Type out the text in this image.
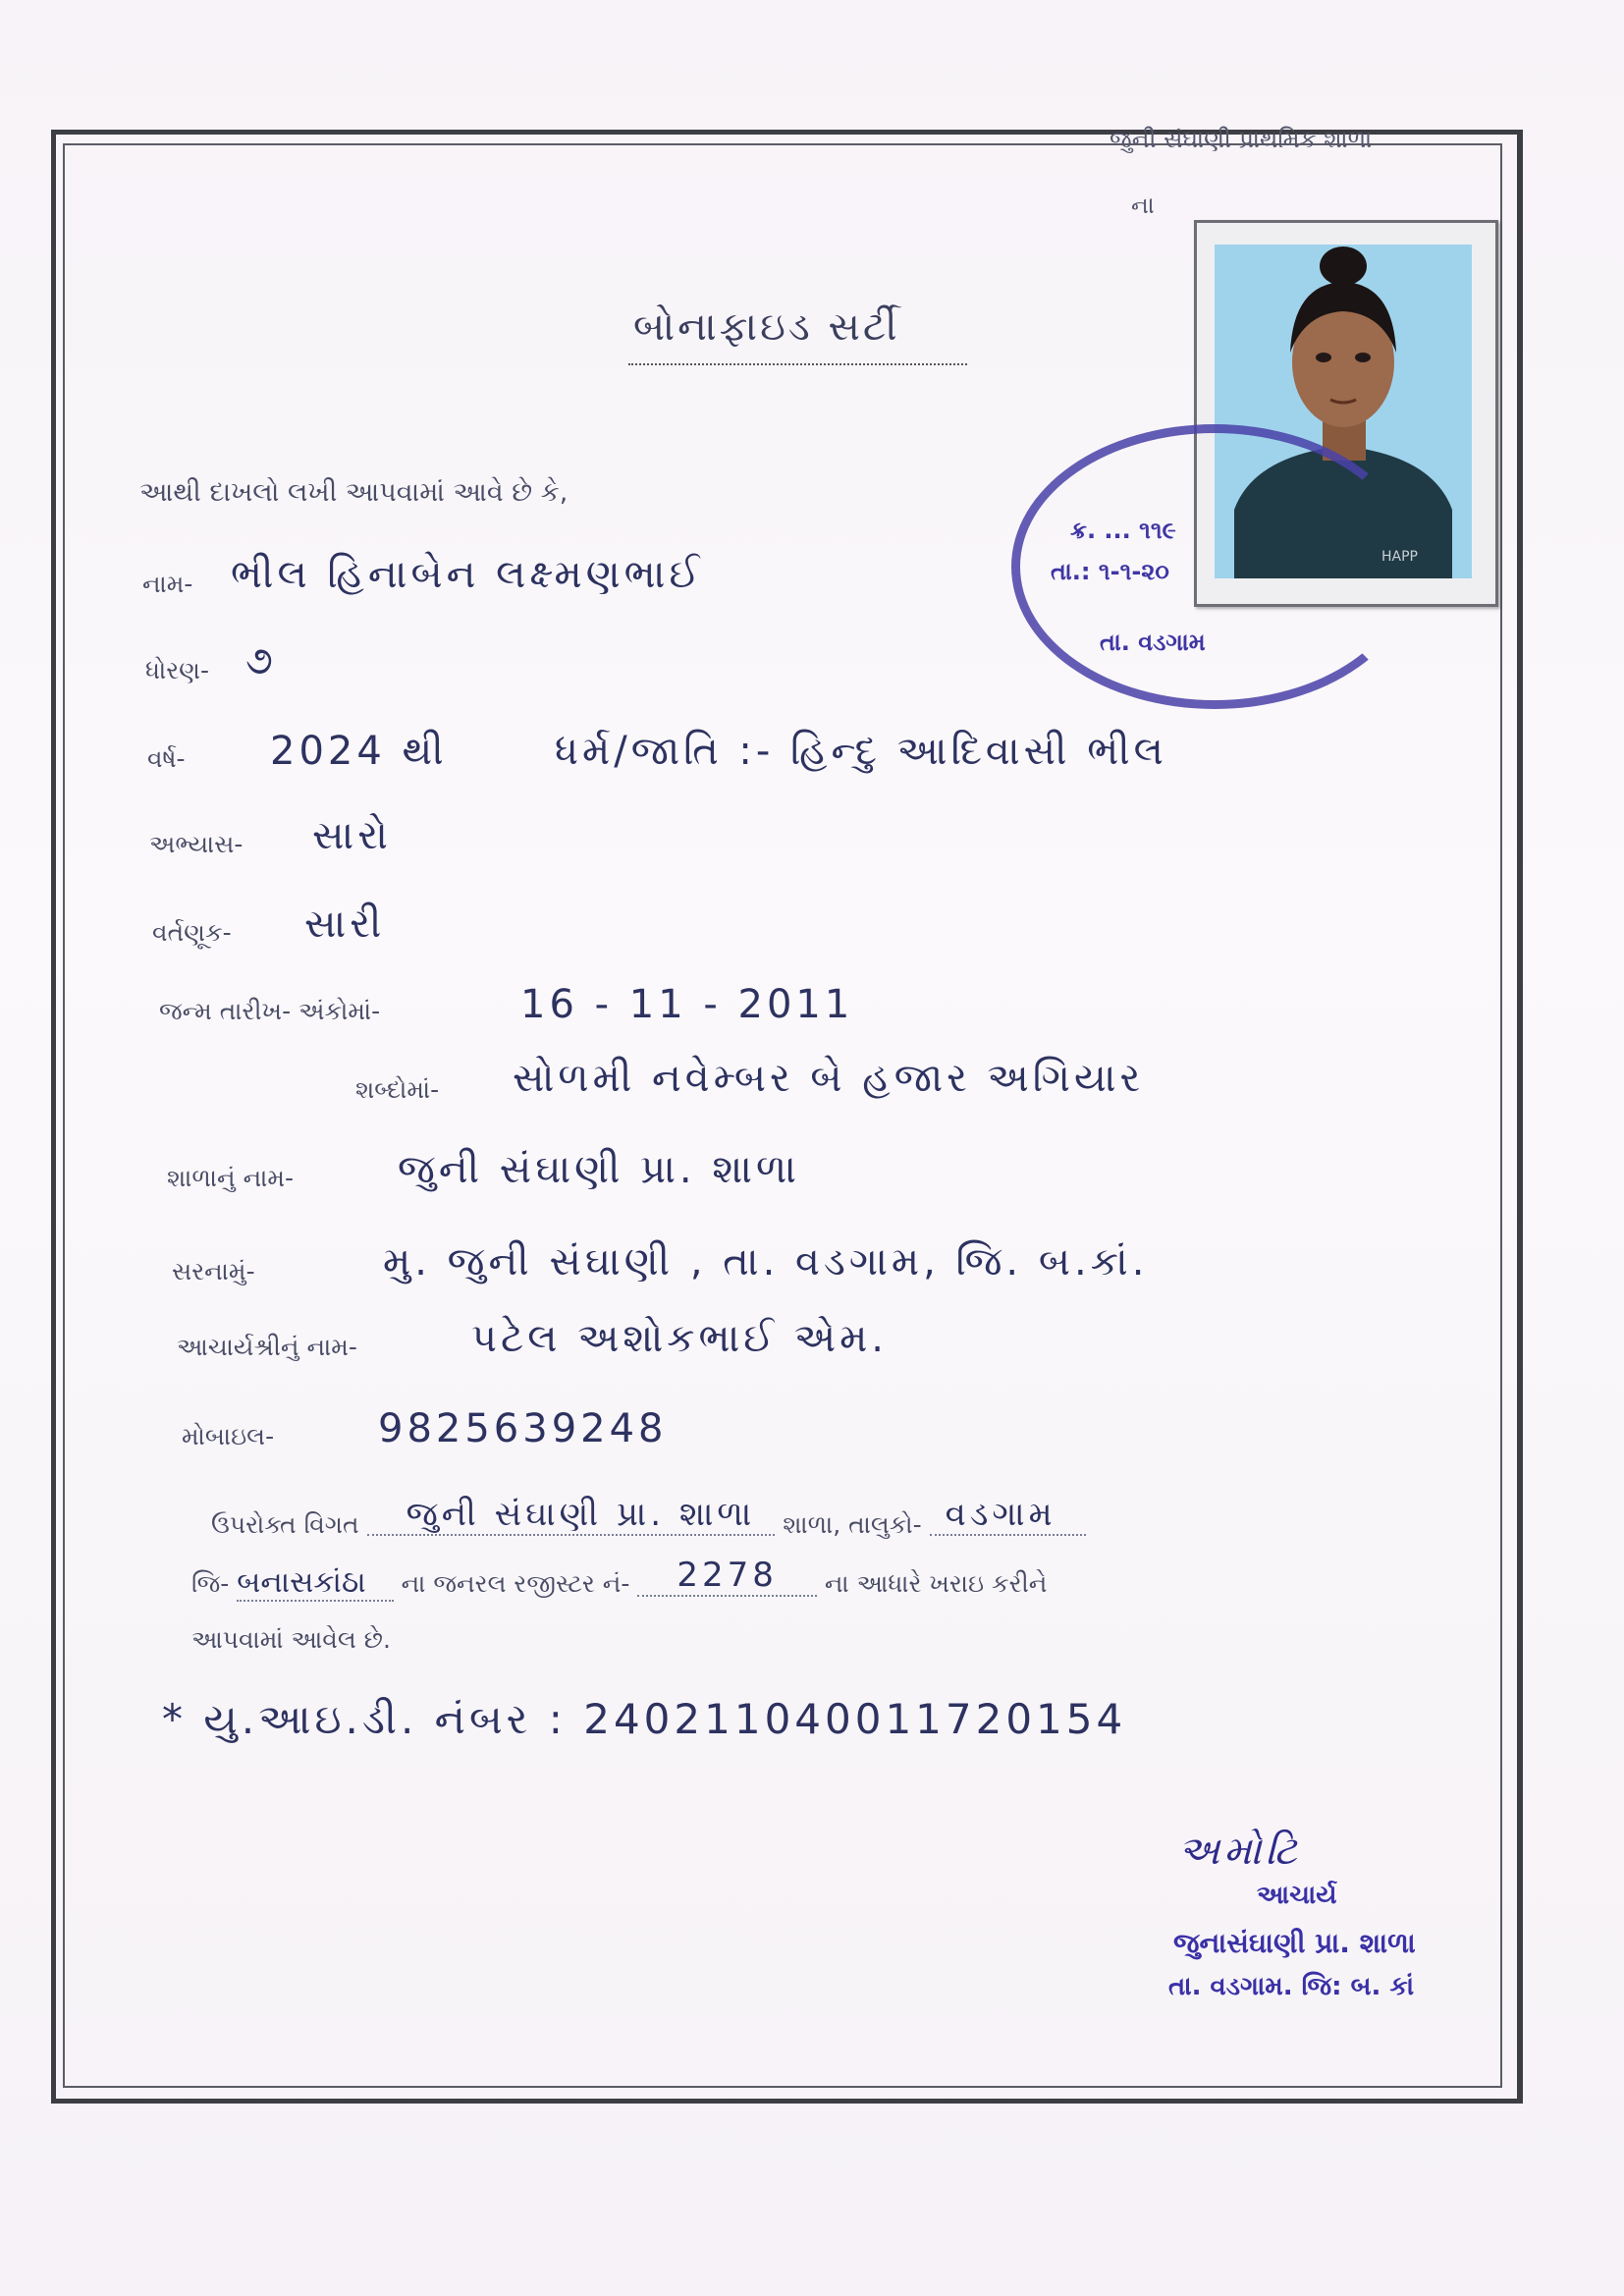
જુની સંઘાણી પ્રાથમિક શાળા
ના
બોનાફાઇડ સર્ટી
HAPP
ક્ર. ... ૧૧૯
તા.: ૧-૧-૨૦
તા. વડગામ
આથી દાખલો લખી આપવામાં આવે છે કે,
નામ- ભીલ હિનાબેન લક્ષ્મણભાઈ
ધોરણ- ૭
વર્ષ- 2024 થી	ધર્મ/જાતિ :- હિન્દુ આદિવાસી ભીલ
અભ્યાસ- સારો
વર્તણૂક- સારી
જન્મ તારીખ- અંકોમાં-	16 - 11 - 2011
શબ્દોમાં- સોળમી નવેમ્બર બે હજાર અગિયાર
શાળાનું નામ-	જુની સંઘાણી પ્રા. શાળા
સરનામું-	મુ. જુની સંઘાણી , તા. વડગામ, જિ. બ.કાં.
આચાર્યશ્રીનું નામ-	પટેલ અશોકભાઈ એમ.
મોબાઇલ-	9825639248
ઉપરોક્ત વિગત જુની સંઘાણી પ્રા. શાળા શાળા, તાલુકો- વડગામ
જિ- બનાસકાંઠા ના જનરલ રજીસ્ટર નં- 2278 ના આધારે ખરાઇ કરીને
આપવામાં આવેલ છે.
* યુ.આઇ.ડી. નંબર : 240211040011720154
અમોટિ
આચાર્ય
જુનાસંઘાણી પ્રા. શાળા
તા. વડગામ. જિ: બ. કાં
